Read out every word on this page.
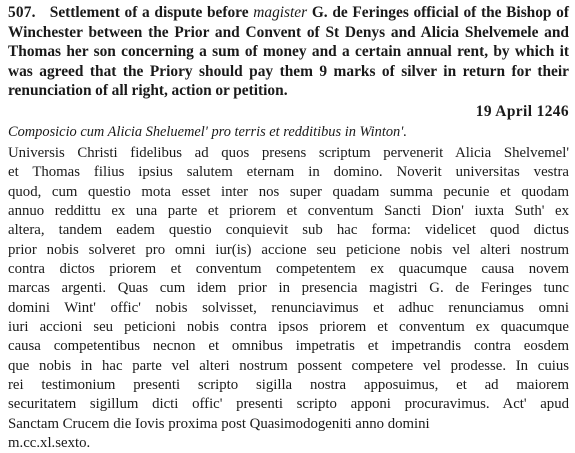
507. Settlement of a dispute before magister G. de Feringes official of the Bishop of Winchester between the Prior and Convent of St Denys and Alicia Shelvemele and Thomas her son concerning a sum of money and a certain annual rent, by which it was agreed that the Priory should pay them 9 marks of silver in return for their renunciation of all right, action or petition.

19 April 1246

Composicio cum Alicia Sheluemel' pro terris et redditibus in Winton'.

Universis Christi fidelibus ad quos presens scriptum pervenerit Alicia Shelvemel'
et Thomas filius ipsius salutem eternam in domino. Noverit universitas vestra
quod, cum questio mota esset inter nos super quadam summa pecunie et quodam
annuo reddittu ex una parte et priorem et conventum Sancti Dion' iuxta Suth' ex
altera, tandem eadem questio conquievit sub hac forma: videlicet quod dictus
prior nobis solveret pro omni iur(is) accione seu peticione nobis vel alteri nostrum
contra dictos priorem et conventum competentem ex quacumque causa novem
marcas argenti. Quas cum idem prior in presencia magistri G. de Feringes tunc
domini Wint' offic' nobis solvisset, renunciavimus et adhuc renunciamus omni
iuri accioni seu peticioni nobis contra ipsos priorem et conventum ex quacumque
causa competentibus necnon et omnibus impetratis et impetrandis contra eosdem
que nobis in hac parte vel alteri nostrum possent competere vel prodesse. In cuius
rei testimonium presenti scripto sigilla nostra apposuimus, et ad maiorem
securitatem sigillum dicti offic' presenti scripto apponi procuravimus. Act' apud
Sanctam Crucem die Iovis proxima post Quasimodogeniti anno domini
m.cc.xl.sexto.
